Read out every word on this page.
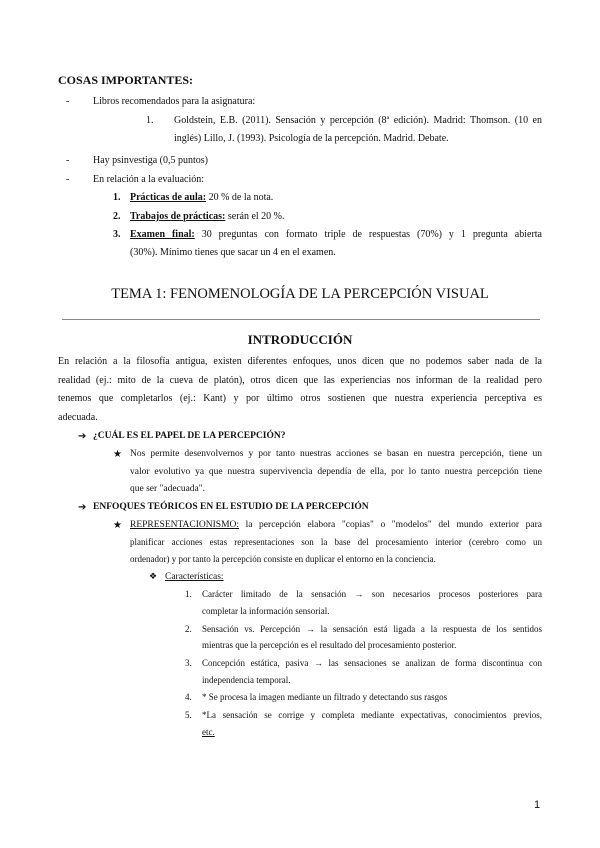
COSAS IMPORTANTES:
- Libros recomendados para la asignatura:
1. Goldstein, E.B. (2011). Sensación y percepción (8ª edición). Madrid: Thomson. (10 en
inglés) Lillo, J. (1993). Psicología de la percepción. Madrid. Debate.
- Hay psinvestiga (0,5 puntos)
- En relación a la evaluación:
1. Prácticas de aula: 20 % de la nota.
2. Trabajos de prácticas: serán el 20 %.
3. Examen final: 30 preguntas con formato triple de respuestas (70%) y 1 pregunta abierta
(30%). Mínimo tienes que sacar un 4 en el examen.
TEMA 1: FENOMENOLOGÍA DE LA PERCEPCIÓN VISUAL
INTRODUCCIÓN
En relación a la filosofía antigua, existen diferentes enfoques, unos dicen que no podemos saber nada de la
realidad (ej.: mito de la cueva de platón), otros dicen que las experiencias nos informan de la realidad pero
tenemos que completarlos (ej.: Kant) y por último otros sostienen que nuestra experiencia perceptiva es
adecuada.
➔ ¿CUÁL ES EL PAPEL DE LA PERCEPCIÓN?
★ Nos permite desenvolvernos y por tanto nuestras acciones se basan en nuestra percepción, tiene un
valor evolutivo ya que nuestra supervivencia dependía de ella, por lo tanto nuestra percepción tiene
que ser "adecuada".
➔ ENFOQUES TEÓRICOS EN EL ESTUDIO DE LA PERCEPCIÓN
★ REPRESENTACIONISMO: la percepción elabora "copias" o "modelos" del mundo exterior para
planificar acciones estas representaciones son la base del procesamiento interior (cerebro como un
ordenador) y por tanto la percepción consiste en duplicar el entorno en la conciencia.
❖ Características:
1. Carácter limitado de la sensación → son necesarios procesos posteriores para
completar la información sensorial.
2. Sensación vs. Percepción → la sensación está ligada a la respuesta de los sentidos
mientras que la percepción es el resultado del procesamiento posterior.
3. Concepción estática, pasiva → las sensaciones se analizan de forma discontinua con
independencia temporal.
4. * Se procesa la imagen mediante un filtrado y detectando sus rasgos
5. *La sensación se corrige y completa mediante expectativas, conocimientos previos,
etc.
1
